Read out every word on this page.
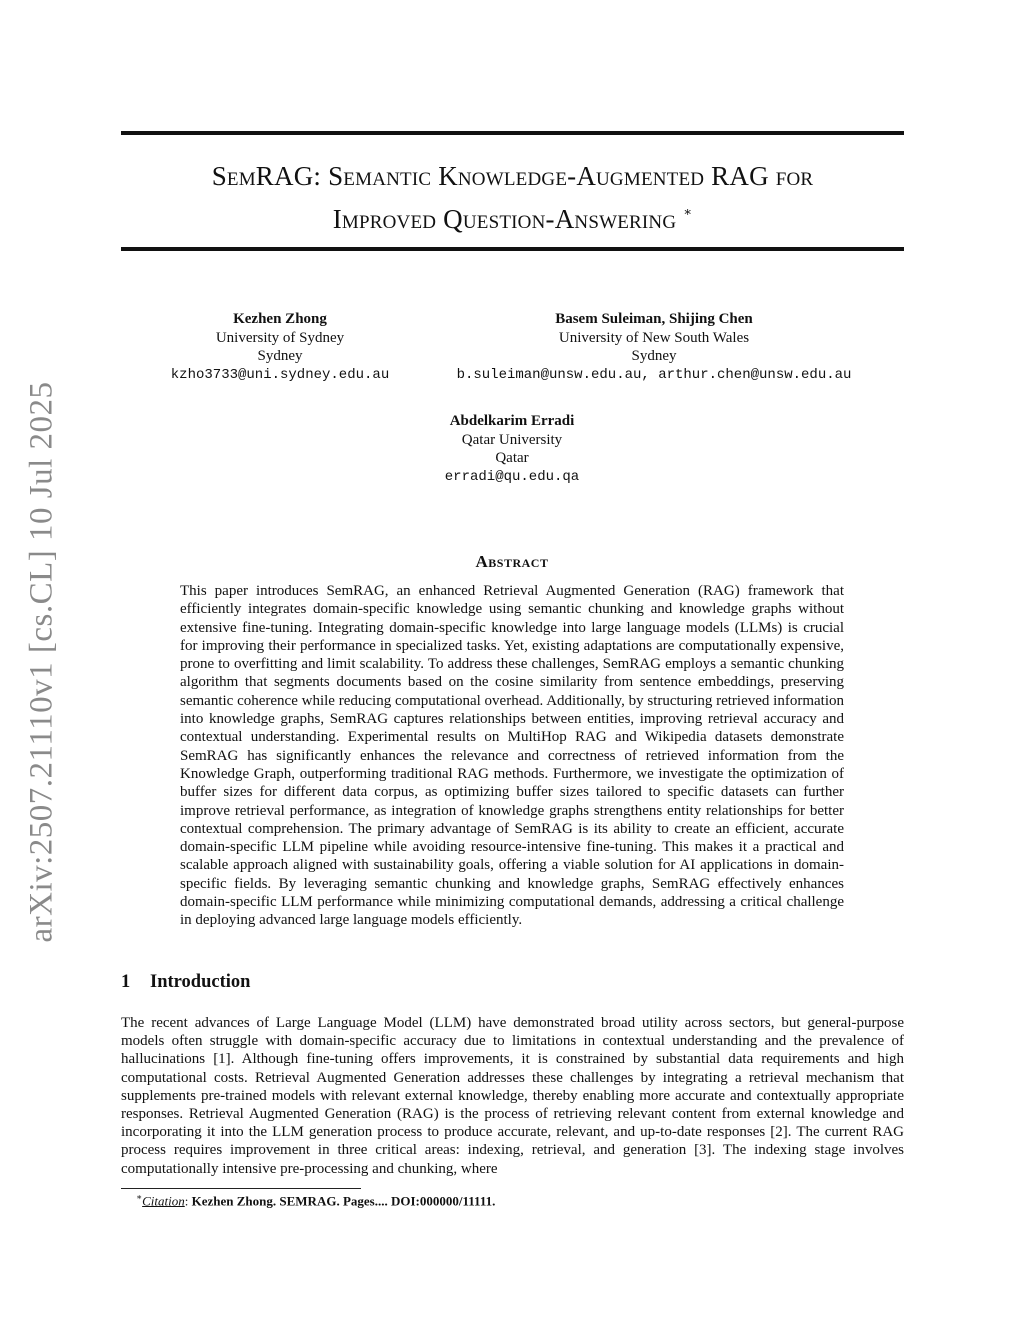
SemRAG: Semantic Knowledge-Augmented RAG for
Improved Question-Answering ∗
arXiv:2507.21110v1 [cs.CL] 10 Jul 2025
Kezhen Zhong
University of Sydney
Sydney
kzho3733@uni.sydney.edu.au
Basem Suleiman, Shijing Chen
University of New South Wales
Sydney
b.suleiman@unsw.edu.au, arthur.chen@unsw.edu.au
Abdelkarim Erradi
Qatar University
Qatar
erradi@qu.edu.qa
Abstract
This paper introduces SemRAG, an enhanced Retrieval Augmented Generation (RAG) framework that efficiently integrates domain-specific knowledge using semantic chunking and knowledge graphs without extensive fine-tuning. Integrating domain-specific knowledge into large language models (LLMs) is crucial for improving their performance in specialized tasks. Yet, existing adaptations are computationally expensive, prone to overfitting and limit scalability. To address these challenges, SemRAG employs a semantic chunking algorithm that segments documents based on the cosine similarity from sentence embeddings, preserving semantic coherence while reducing computational overhead. Additionally, by structuring retrieved information into knowledge graphs, SemRAG captures relationships between entities, improving retrieval accuracy and contextual understanding. Experimental results on MultiHop RAG and Wikipedia datasets demonstrate SemRAG has significantly enhances the relevance and correctness of retrieved information from the Knowledge Graph, outperforming traditional RAG methods. Furthermore, we investigate the optimization of buffer sizes for different data corpus, as optimizing buffer sizes tailored to specific datasets can further improve retrieval performance, as integration of knowledge graphs strengthens entity relationships for better contextual comprehension. The primary advantage of SemRAG is its ability to create an efficient, accurate domain-specific LLM pipeline while avoiding resource-intensive fine-tuning. This makes it a practical and scalable approach aligned with sustainability goals, offering a viable solution for AI applications in domain-specific fields. By leveraging semantic chunking and knowledge graphs, SemRAG effectively enhances domain-specific LLM performance while minimizing computational demands, addressing a critical challenge in deploying advanced large language models efficiently.
1 Introduction
The recent advances of Large Language Model (LLM) have demonstrated broad utility across sectors, but general-purpose models often struggle with domain-specific accuracy due to limitations in contextual understanding and the prevalence of hallucinations [1]. Although fine-tuning offers improvements, it is constrained by substantial data requirements and high computational costs. Retrieval Augmented Generation addresses these challenges by integrating a retrieval mechanism that supplements pre-trained models with relevant external knowledge, thereby enabling more accurate and contextually appropriate responses. Retrieval Augmented Generation (RAG) is the process of retrieving relevant content from external knowledge and incorporating it into the LLM generation process to produce accurate, relevant, and up-to-date responses [2]. The current RAG process requires improvement in three critical areas: indexing, retrieval, and generation [3]. The indexing stage involves computationally intensive pre-processing and chunking, where
∗Citation: Kezhen Zhong. SEMRAG. Pages.... DOI:000000/11111.
